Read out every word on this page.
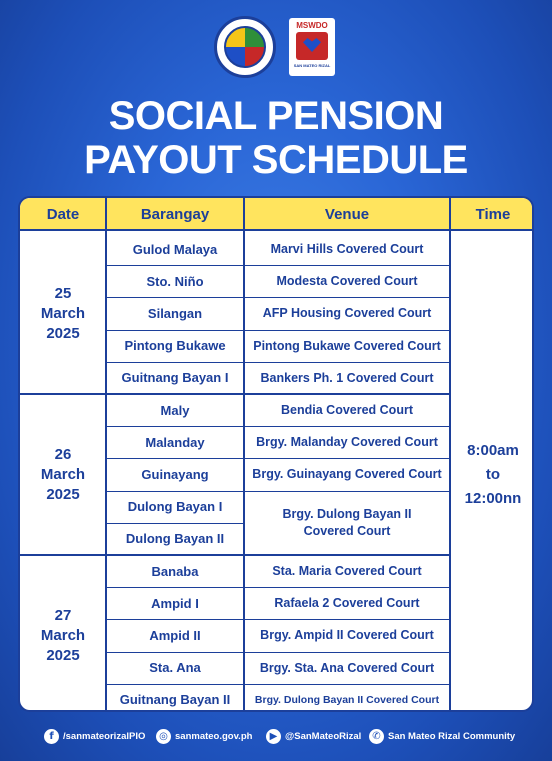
MSWDO
SAN MATEO RIZAL
SOCIAL PENSION
PAYOUT SCHEDULE
Date	Barangay	Venue	Time
25
March
2025
Gulod Malaya	Marvi Hills Covered Court
Sto. Niño	Modesta Covered Court
Silangan	AFP Housing Covered Court
Pintong Bukawe	Pintong Bukawe Covered Court
Guitnang Bayan I	Bankers Ph. 1 Covered Court
26
March
2025
Maly	Bendia Covered Court
Malanday	Brgy. Malanday Covered Court
Guinayang	Brgy. Guinayang Covered Court
Dulong Bayan I	Brgy. Dulong Bayan II Covered Court
Dulong Bayan II
27
March
2025
Banaba	Sta. Maria Covered Court
Ampid I	Rafaela 2 Covered Court
Ampid II	Brgy. Ampid II Covered Court
Sta. Ana	Brgy. Sta. Ana Covered Court
Guitnang Bayan II	Brgy. Dulong Bayan II Covered Court
8:00am
to
12:00nn
f /sanmateorizalPIO	◎ sanmateo.gov.ph	▶ @SanMateoRizal	✆ San Mateo Rizal Community
